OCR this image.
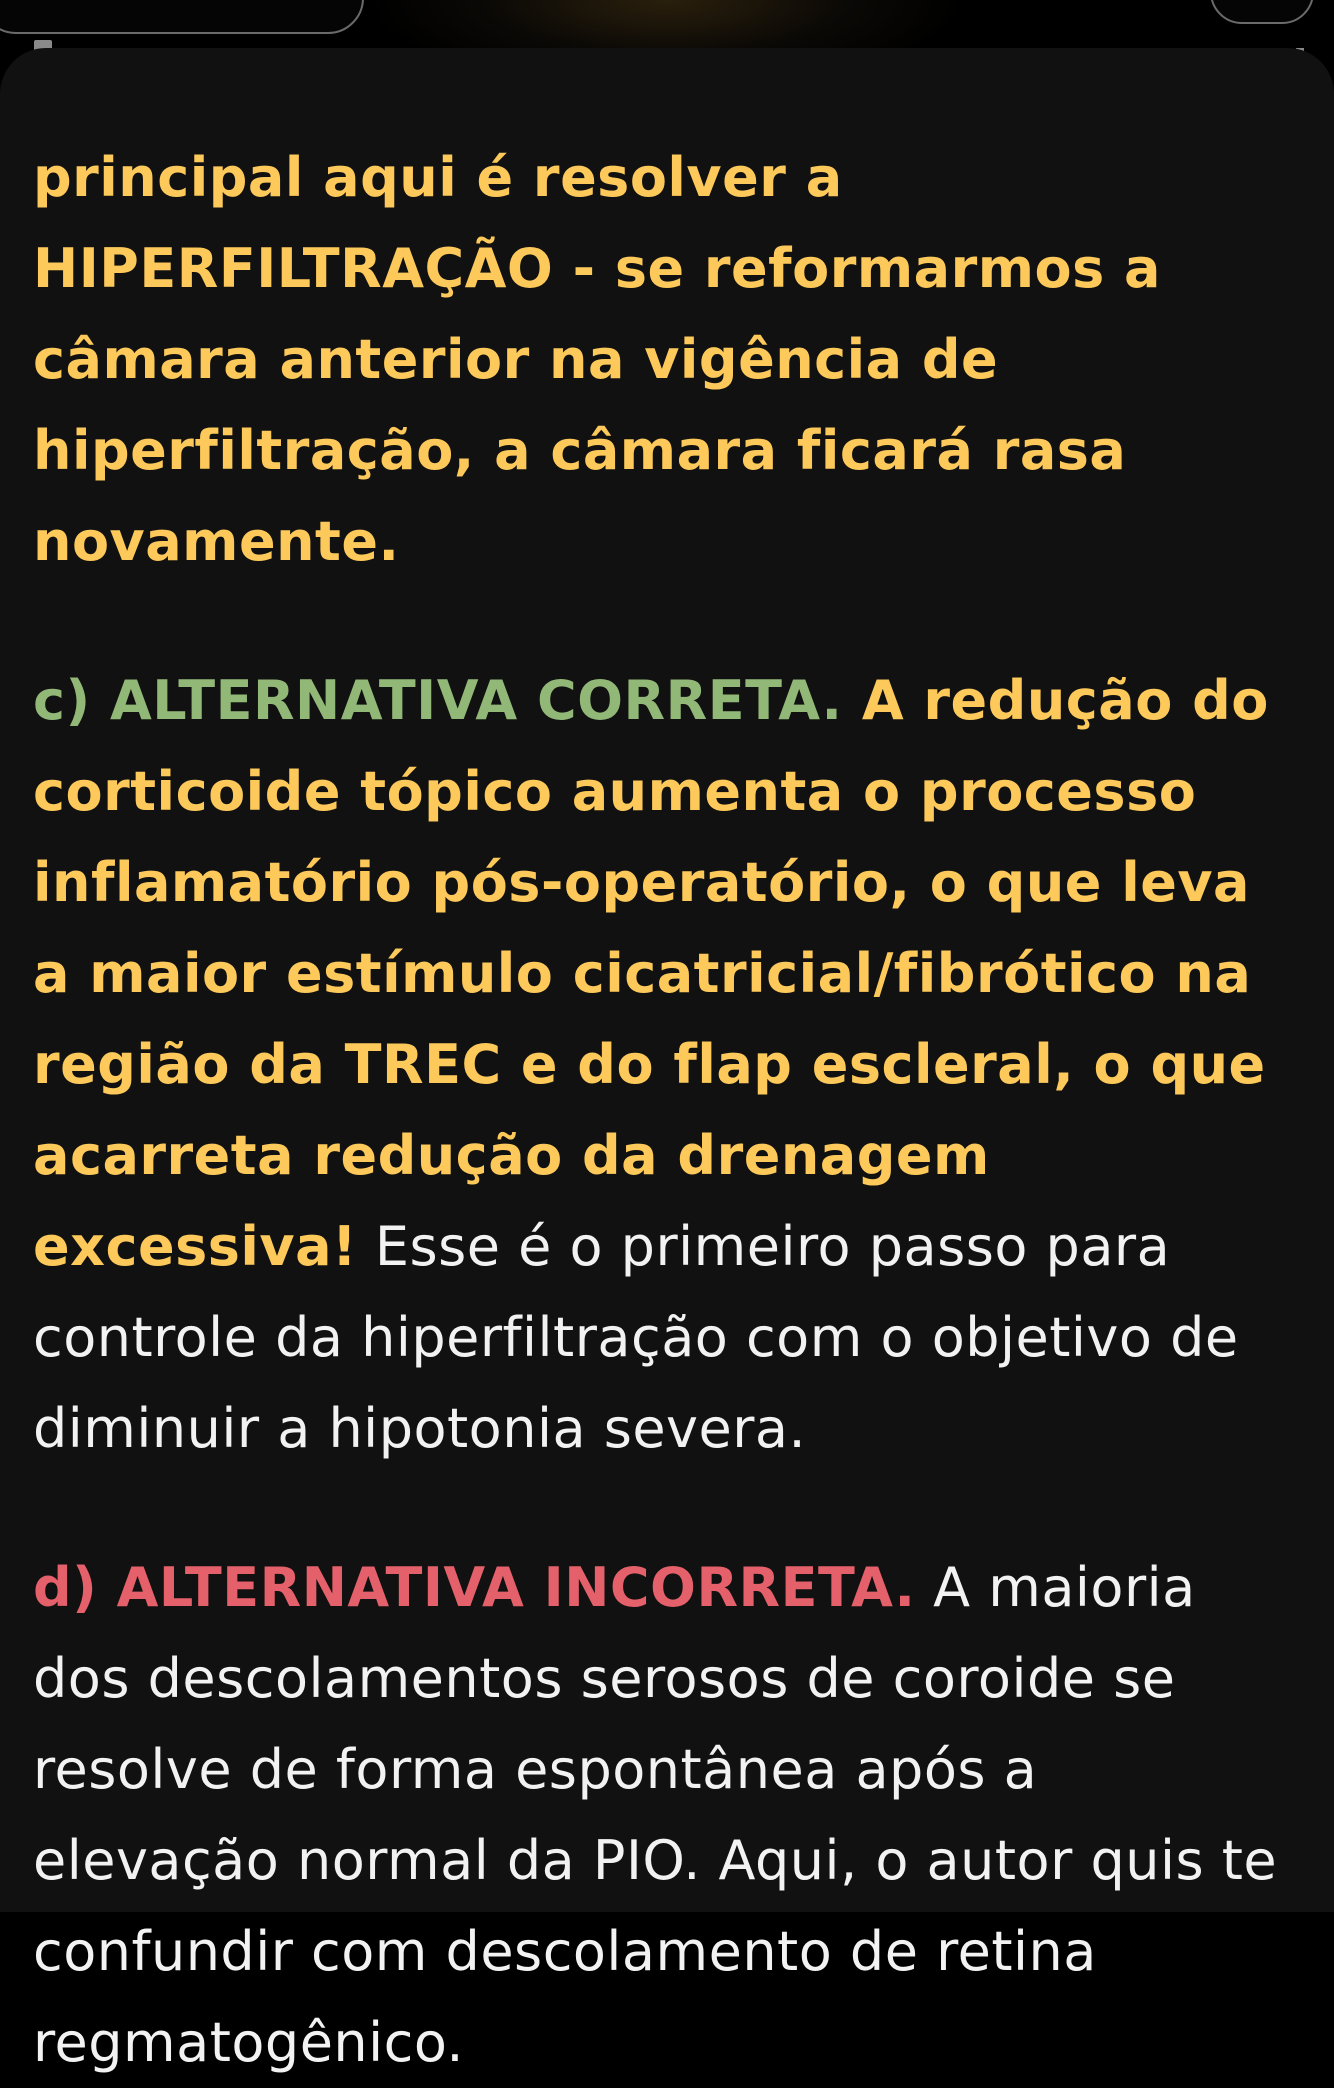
principal aqui é resolver a HIPERFILTRAÇÃO - se reformarmos a câmara anterior na vigência de hiperfiltração, a câmara ficará rasa novamente.

c) ALTERNATIVA CORRETA. A redução do corticoide tópico aumenta o processo inflamatório pós-operatório, o que leva a maior estímulo cicatricial/fibrótico na região da TREC e do flap escleral, o que acarreta redução da drenagem excessiva! Esse é o primeiro passo para controle da hiperfiltração com o objetivo de diminuir a hipotonia severa.

d) ALTERNATIVA INCORRETA. A maioria dos descolamentos serosos de coroide se resolve de forma espontânea após a elevação normal da PIO. Aqui, o autor quis te confundir com descolamento de retina regmatogênico.
